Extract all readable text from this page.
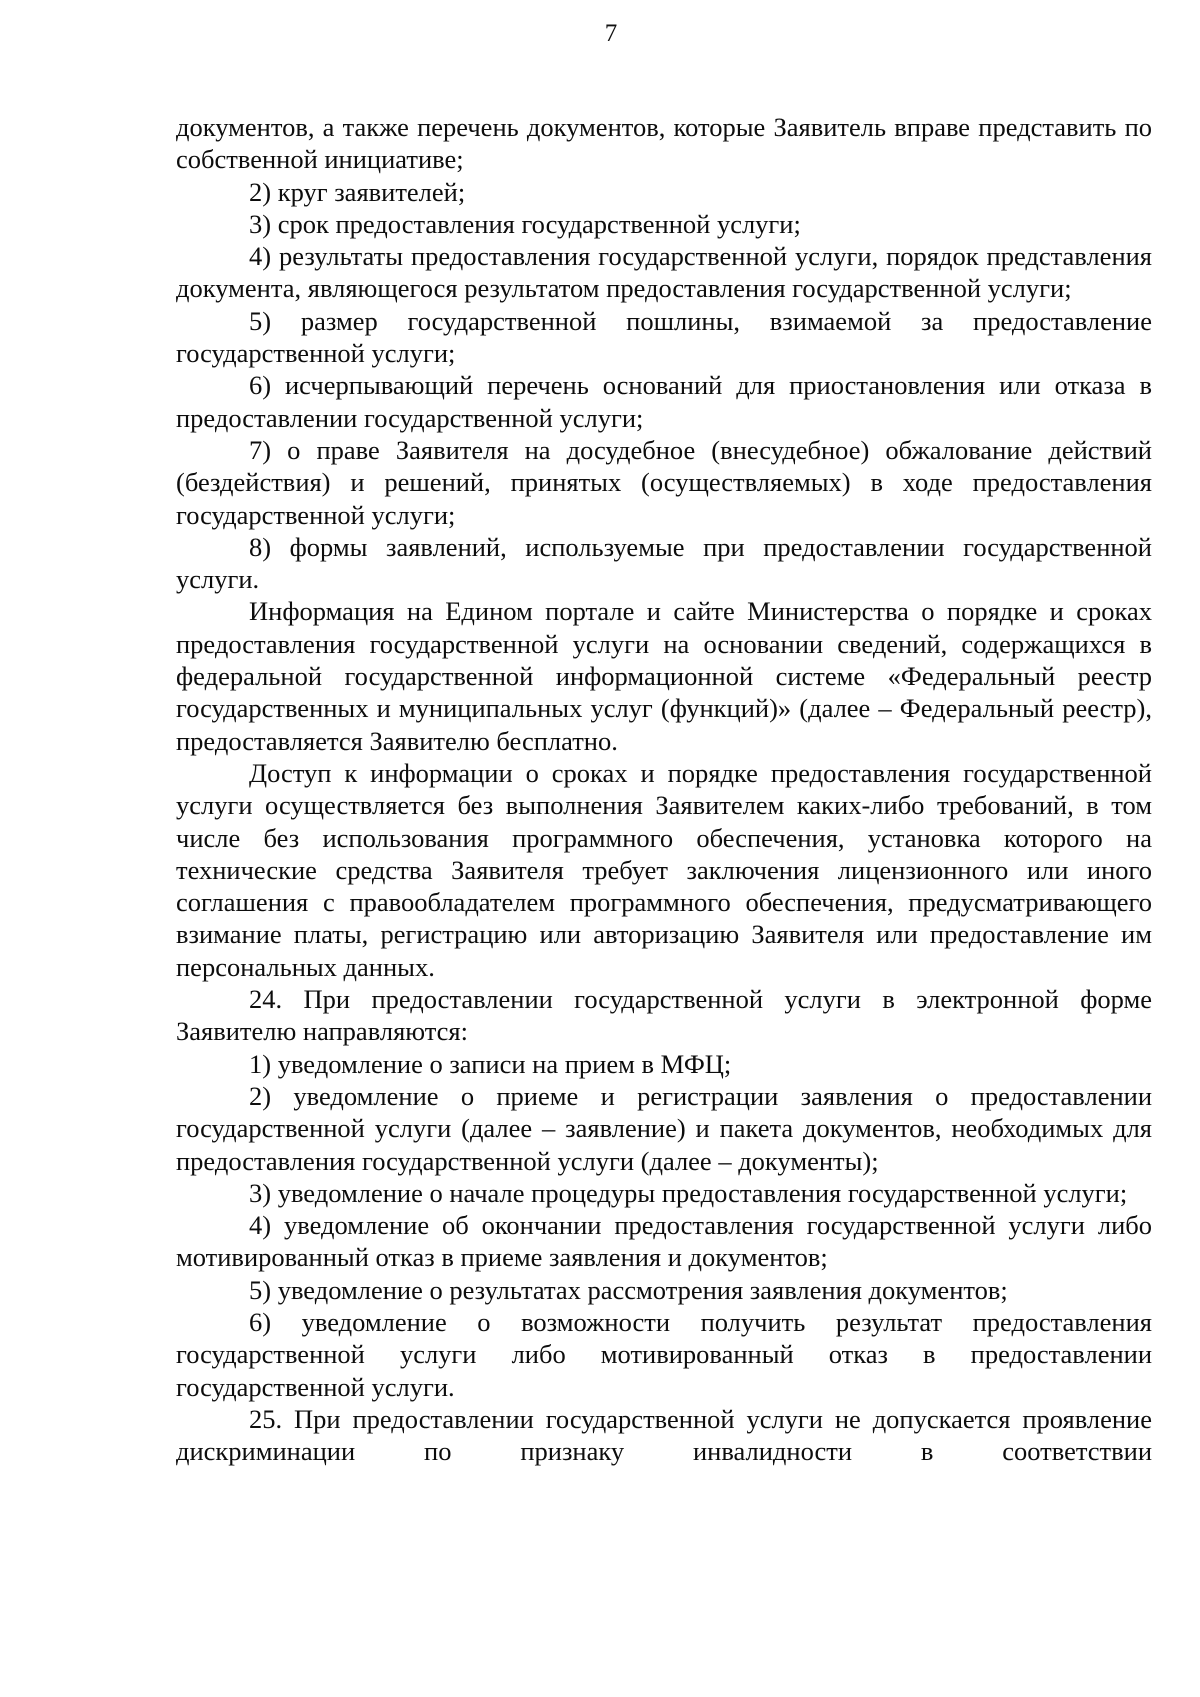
7

документов, а также перечень документов, которые Заявитель вправе представить по собственной инициативе;

2) круг заявителей;

3) срок предоставления государственной услуги;

4) результаты предоставления государственной услуги, порядок представления документа, являющегося результатом предоставления государственной услуги;

5) размер государственной пошлины, взимаемой за предоставление государственной услуги;

6) исчерпывающий перечень оснований для приостановления или отказа в предоставлении государственной услуги;

7) о праве Заявителя на досудебное (внесудебное) обжалование действий (бездействия) и решений, принятых (осуществляемых) в ходе предоставления государственной услуги;

8) формы заявлений, используемые при предоставлении государственной услуги.

Информация на Едином портале и сайте Министерства о порядке и сроках предоставления государственной услуги на основании сведений, содержащихся в федеральной государственной информационной системе «Федеральный реестр государственных и муниципальных услуг (функций)» (далее – Федеральный реестр), предоставляется Заявителю бесплатно.

Доступ к информации о сроках и порядке предоставления государственной услуги осуществляется без выполнения Заявителем каких-либо требований, в том числе без использования программного обеспечения, установка которого на технические средства Заявителя требует заключения лицензионного или иного соглашения с правообладателем программного обеспечения, предусматривающего взимание платы, регистрацию или авторизацию Заявителя или предоставление им персональных данных.

24. При предоставлении государственной услуги в электронной форме Заявителю направляются:

1) уведомление о записи на прием в МФЦ;

2) уведомление о приеме и регистрации заявления о предоставлении государственной услуги (далее – заявление) и пакета документов, необходимых для предоставления государственной услуги (далее – документы);

3) уведомление о начале процедуры предоставления государственной услуги;

4) уведомление об окончании предоставления государственной услуги либо мотивированный отказ в приеме заявления и документов;

5) уведомление о результатах рассмотрения заявления документов;

6) уведомление о возможности получить результат предоставления государственной услуги либо мотивированный отказ в предоставлении государственной услуги.

25. При предоставлении государственной услуги не допускается проявление дискриминации по признаку инвалидности в соответствии
